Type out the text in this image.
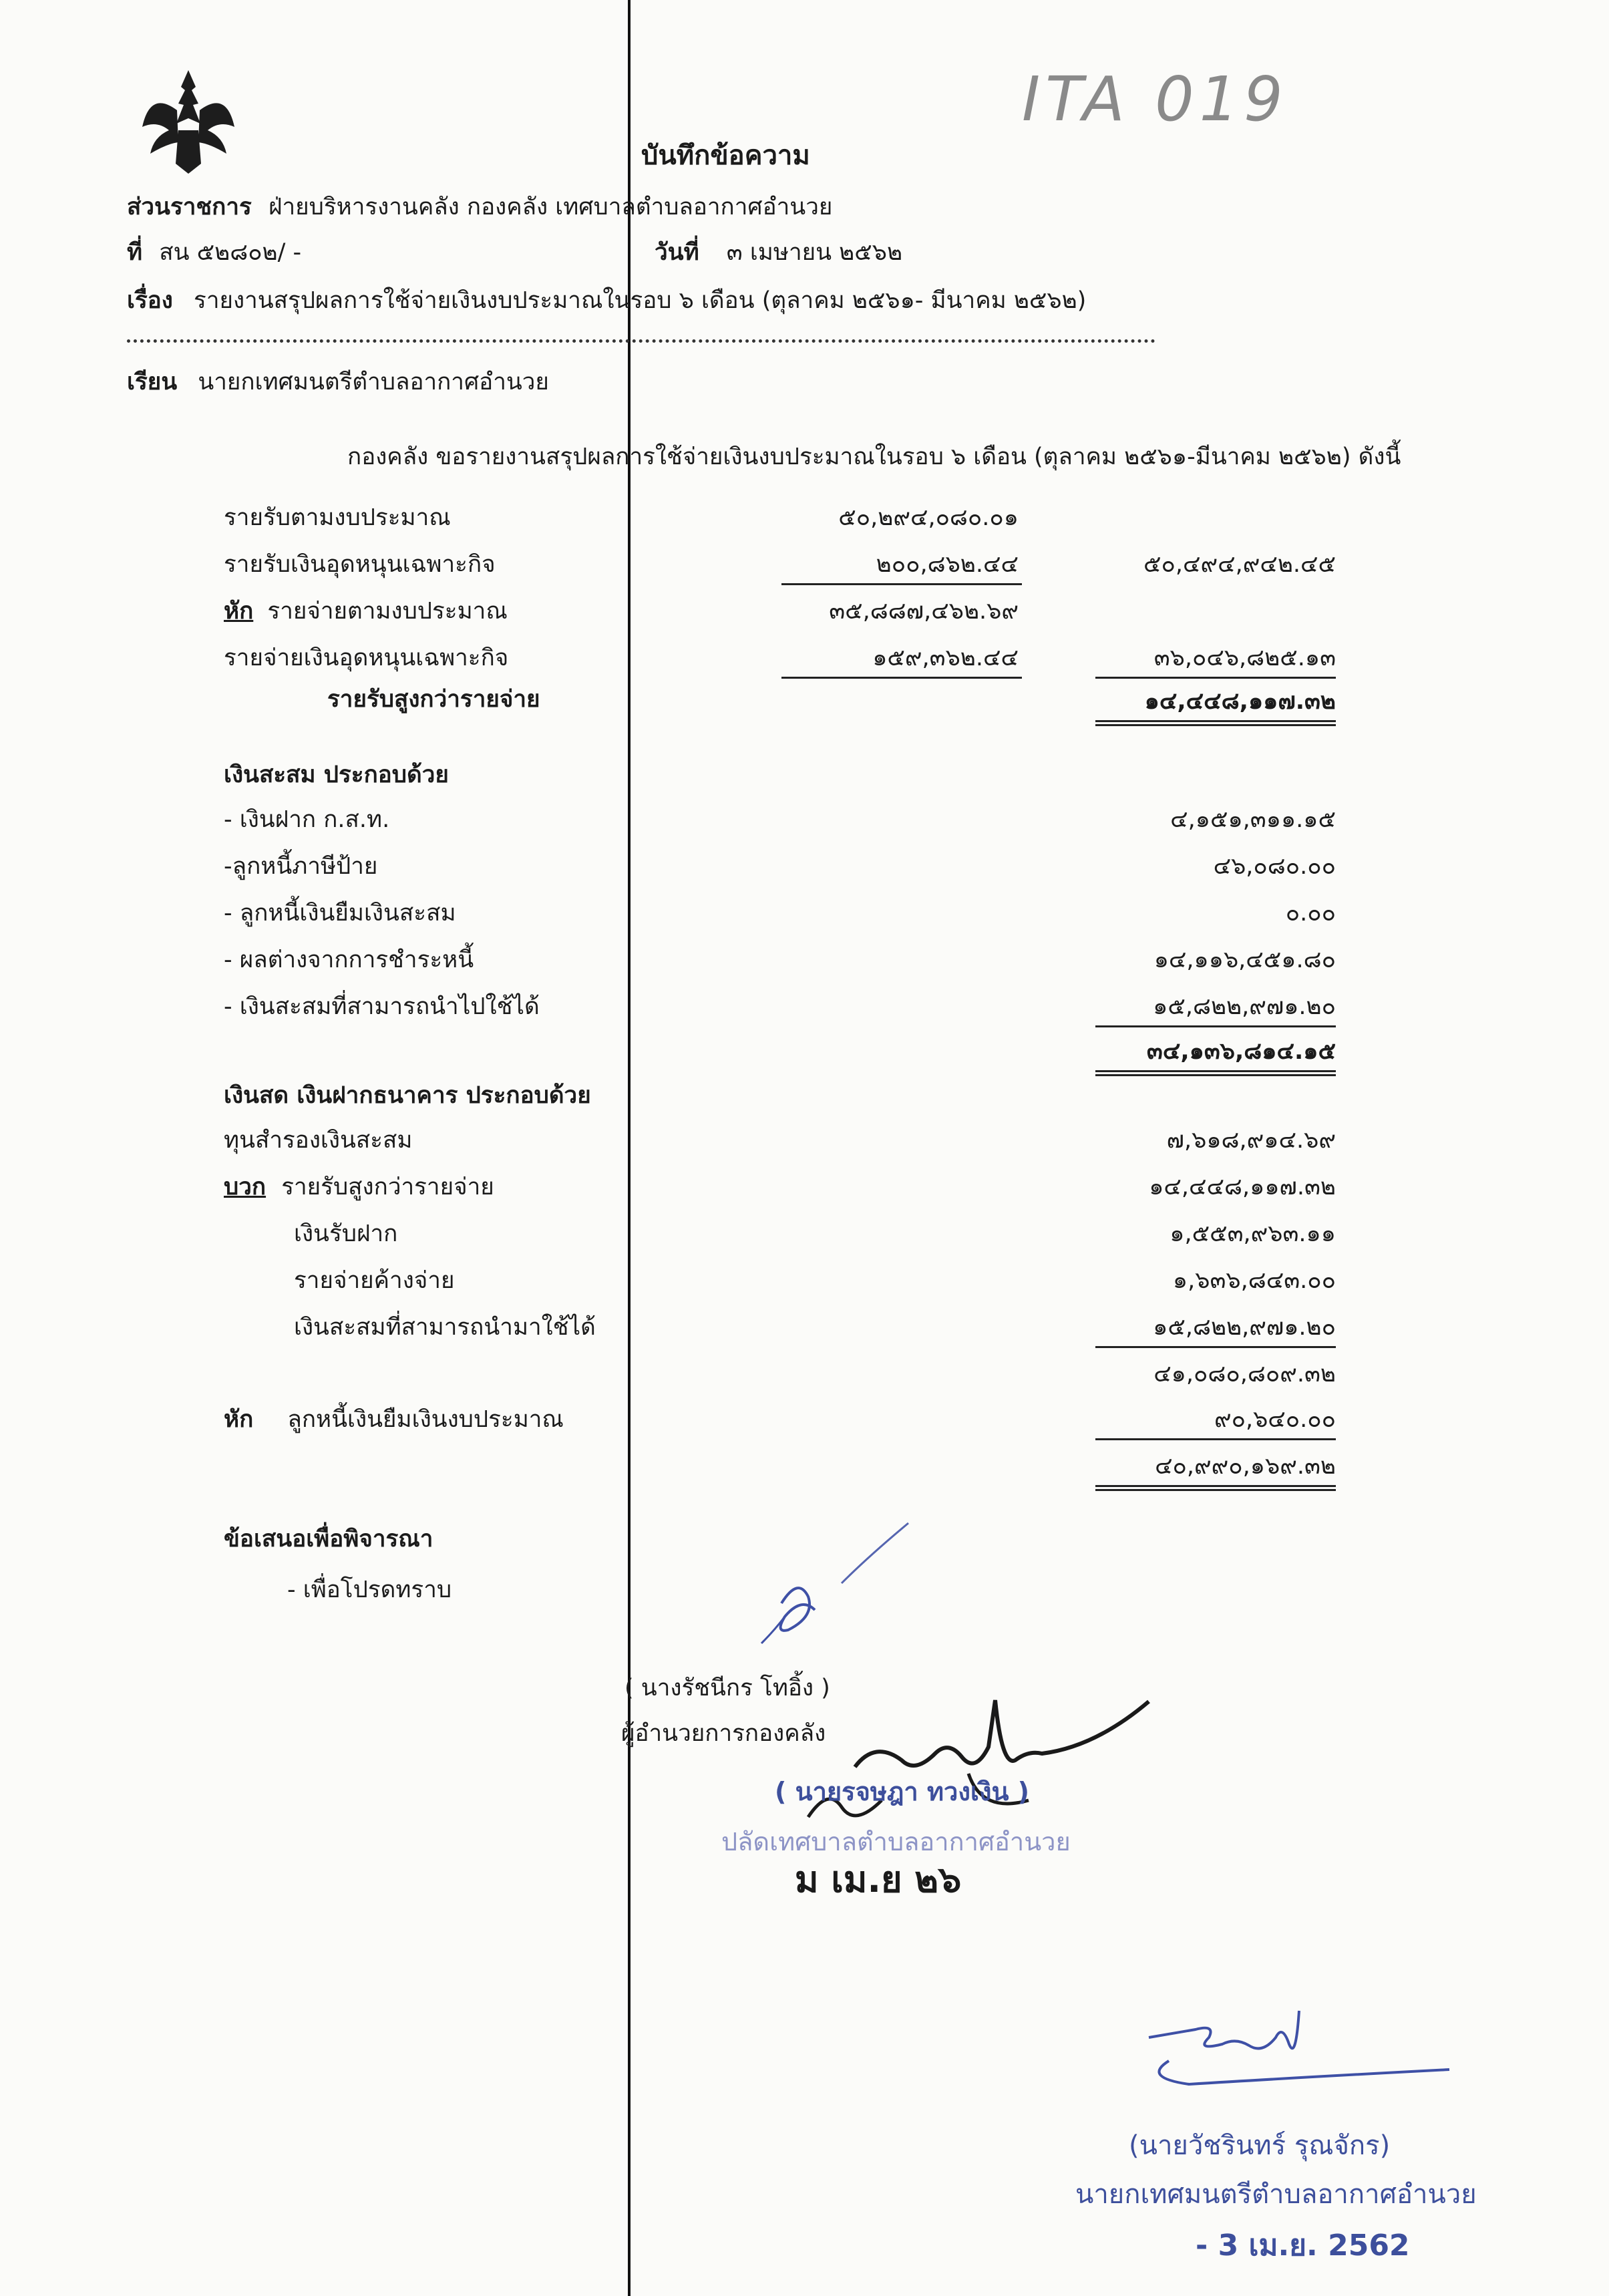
ITA 019
บันทึกข้อความ
ส่วนราชการ ฝ่ายบริหารงานคลัง กองคลัง เทศบาลตำบลอากาศอำนวย
ที่ สน ๕๒๘๐๒/ -	วันที่ ๓ เมษายน ๒๕๖๒
เรื่อง รายงานสรุปผลการใช้จ่ายเงินงบประมาณในรอบ ๖ เดือน (ตุลาคม ๒๕๖๑- มีนาคม ๒๕๖๒)
เรียน นายกเทศมนตรีตำบลอากาศอำนวย
กองคลัง ขอรายงานสรุปผลการใช้จ่ายเงินงบประมาณในรอบ ๖ เดือน (ตุลาคม ๒๕๖๑-มีนาคม ๒๕๖๒) ดังนี้
รายรับตามงบประมาณ	๕๐,๒๙๔,๐๘๐.๐๑
รายรับเงินอุดหนุนเฉพาะกิจ	๒๐๐,๘๖๒.๔๔	๕๐,๔๙๔,๙๔๒.๔๕
หัก รายจ่ายตามงบประมาณ	๓๕,๘๘๗,๔๖๒.๖๙
รายจ่ายเงินอุดหนุนเฉพาะกิจ	๑๕๙,๓๖๒.๔๔	๓๖,๐๔๖,๘๒๕.๑๓
รายรับสูงกว่ารายจ่าย	๑๔,๔๔๘,๑๑๗.๓๒
เงินสะสม ประกอบด้วย
- เงินฝาก ก.ส.ท.	๔,๑๕๑,๓๑๑.๑๕
-ลูกหนี้ภาษีป้าย	๔๖,๐๘๐.๐๐
- ลูกหนี้เงินยืมเงินสะสม	๐.๐๐
- ผลต่างจากการชำระหนี้	๑๔,๑๑๖,๔๕๑.๘๐
- เงินสะสมที่สามารถนำไปใช้ได้	๑๕,๘๒๒,๙๗๑.๒๐
๓๔,๑๓๖,๘๑๔.๑๕
เงินสด เงินฝากธนาคาร ประกอบด้วย
ทุนสำรองเงินสะสม	๗,๖๑๘,๙๑๔.๖๙
บวก รายรับสูงกว่ารายจ่าย	๑๔,๔๔๘,๑๑๗.๓๒
เงินรับฝาก	๑,๕๕๓,๙๖๓.๑๑
รายจ่ายค้างจ่าย	๑,๖๓๖,๘๔๓.๐๐
เงินสะสมที่สามารถนำมาใช้ได้	๑๕,๘๒๒,๙๗๑.๒๐
๔๑,๐๘๐,๘๐๙.๓๒
หัก ลูกหนี้เงินยืมเงินงบประมาณ	๙๐,๖๔๐.๐๐
๔๐,๙๙๐,๑๖๙.๓๒
ข้อเสนอเพื่อพิจารณา
- เพื่อโปรดทราบ
( นางรัชนีกร โทอิ้ง )
ผู้อำนวยการกองคลัง
( นายรจษฎา ทวงเงิน )
ปลัดเทศบาลตำบลอากาศอำนวย
ม เม.ย ๒๖
(นายวัชรินทร์ รุณจักร)
นายกเทศมนตรีตำบลอากาศอำนวย
- 3 เม.ย. 2562
